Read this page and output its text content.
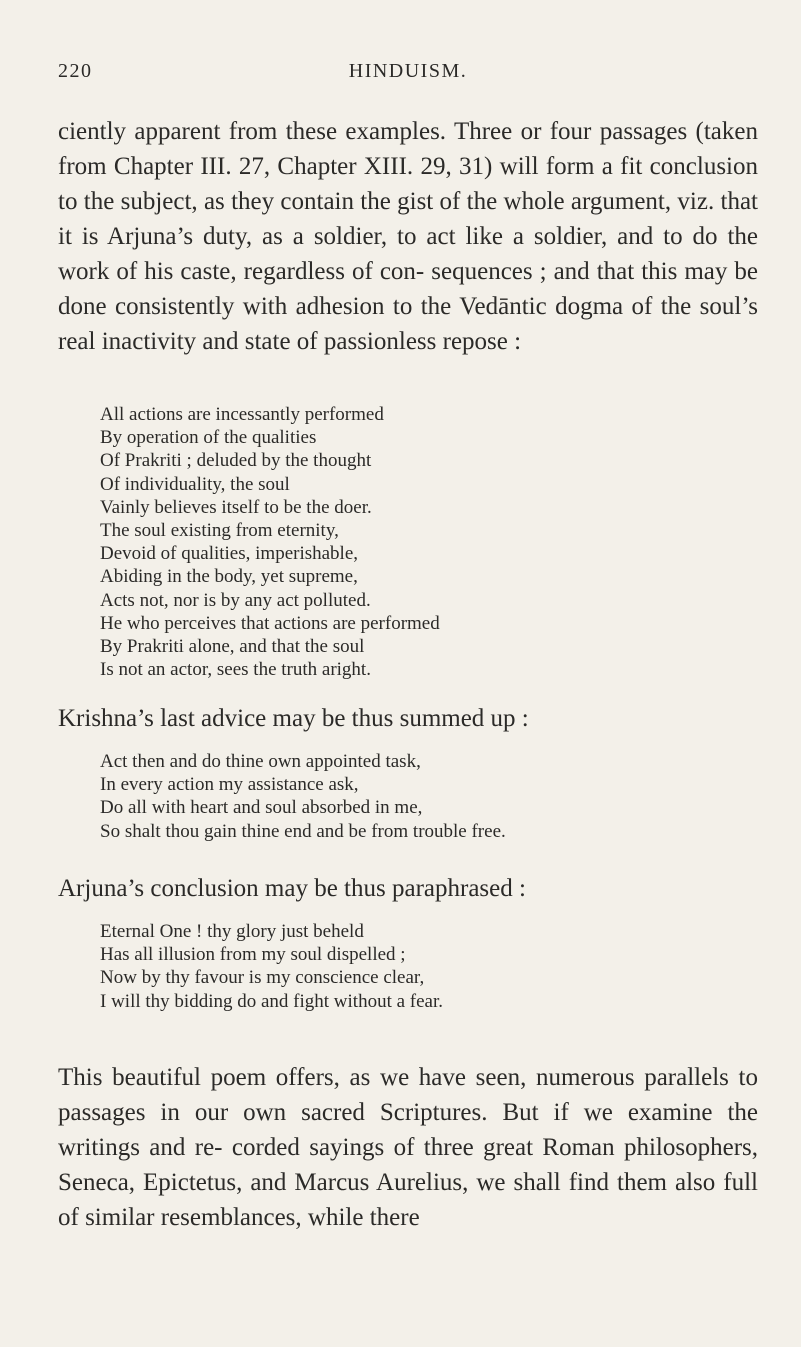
220	HINDUISM.

ciently apparent from these examples. Three or four passages (taken from Chapter III. 27, Chapter XIII. 29, 31) will form a fit conclusion to the subject, as they contain the gist of the whole argument, viz. that it is Arjuna’s duty, as a soldier, to act like a soldier, and to do the work of his caste, regardless of con- sequences ; and that this may be done consistently with adhesion to the Vedāntic dogma of the soul’s real inactivity and state of passionless repose :

All actions are incessantly performed
By operation of the qualities
Of Prakriti ; deluded by the thought
Of individuality, the soul
Vainly believes itself to be the doer.
The soul existing from eternity,
Devoid of qualities, imperishable,
Abiding in the body, yet supreme,
Acts not, nor is by any act polluted.
He who perceives that actions are performed
By Prakriti alone, and that the soul
Is not an actor, sees the truth aright.

Krishna’s last advice may be thus summed up :

Act then and do thine own appointed task,
In every action my assistance ask,
Do all with heart and soul absorbed in me,
So shalt thou gain thine end and be from trouble free.

Arjuna’s conclusion may be thus paraphrased :

Eternal One ! thy glory just beheld
Has all illusion from my soul dispelled ;
Now by thy favour is my conscience clear,
I will thy bidding do and fight without a fear.

This beautiful poem offers, as we have seen, numerous parallels to passages in our own sacred Scriptures. But if we examine the writings and re- corded sayings of three great Roman philosophers, Seneca, Epictetus, and Marcus Aurelius, we shall find them also full of similar resemblances, while there
